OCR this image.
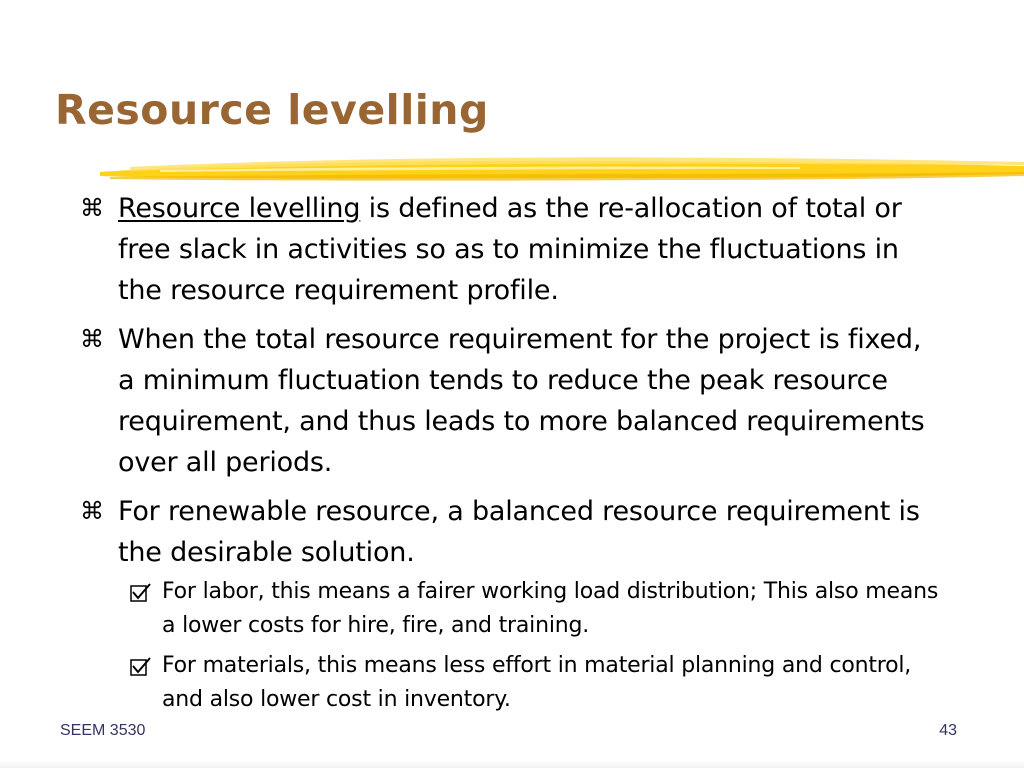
Resource levelling
⌘ Resource levelling is defined as the re-allocation of total or free slack in activities so as to minimize the fluctuations in the resource requirement profile.
⌘ When the total resource requirement for the project is fixed, a minimum fluctuation tends to reduce the peak resource requirement, and thus leads to more balanced requirements over all periods.
⌘ For renewable resource, a balanced resource requirement is the desirable solution.
For labor, this means a fairer working load distribution; This also means a lower costs for hire, fire, and training.
For materials, this means less effort in material planning and control, and also lower cost in inventory.
SEEM 3530	43
